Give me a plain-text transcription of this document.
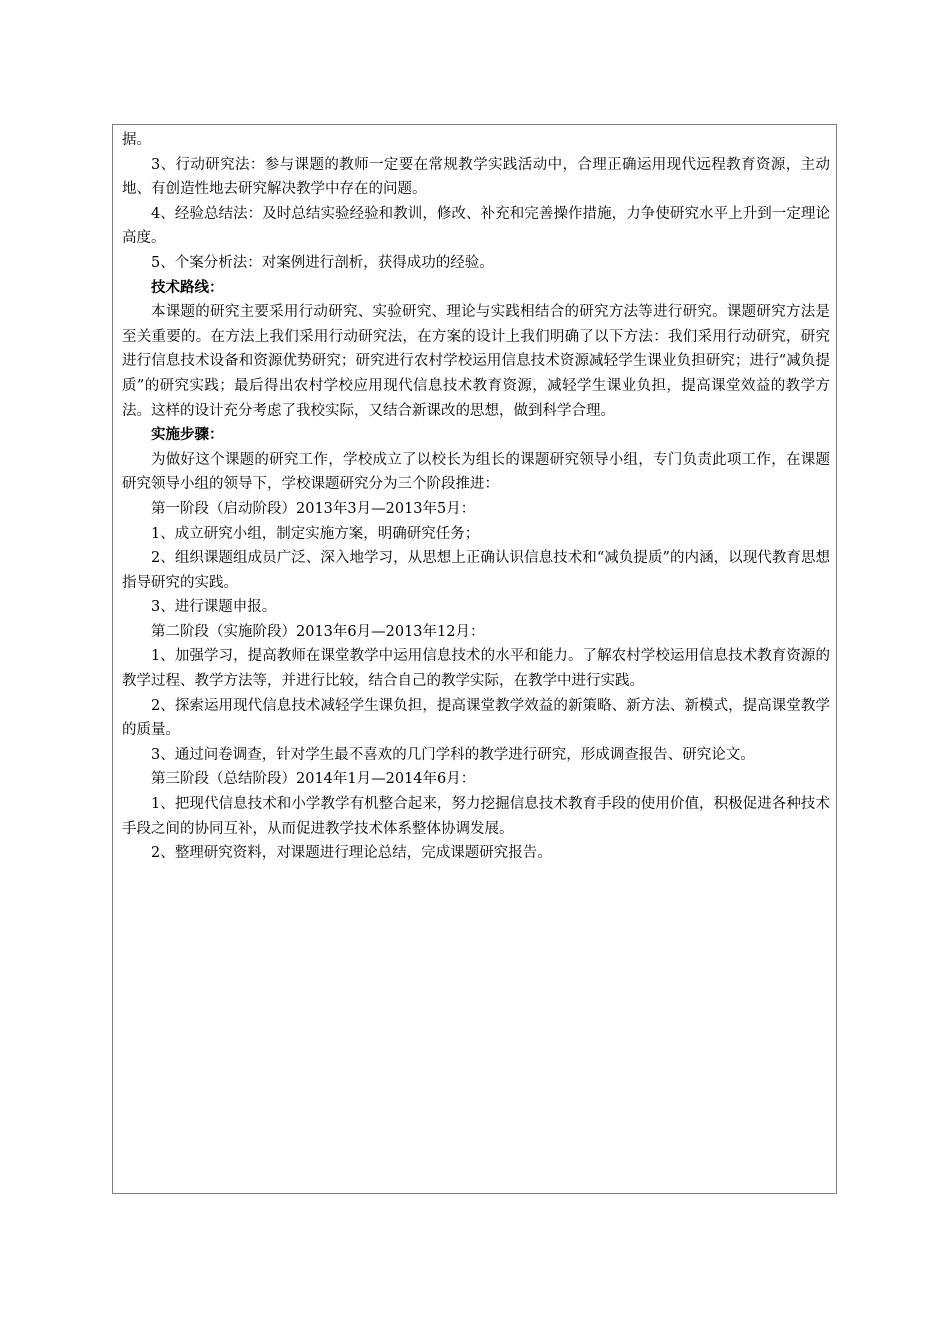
据。

3、行动研究法：参与课题的教师一定要在常规教学实践活动中，合理正确运用现代远程教育资源，主动地、有创造性地去研究解决教学中存在的问题。

4、经验总结法：及时总结实验经验和教训，修改、补充和完善操作措施，力争使研究水平上升到一定理论高度。

5、个案分析法：对案例进行剖析，获得成功的经验。

技术路线：

本课题的研究主要采用行动研究、实验研究、理论与实践相结合的研究方法等进行研究。课题研究方法是至关重要的。在方法上我们采用行动研究法，在方案的设计上我们明确了以下方法：我们采用行动研究，研究进行信息技术设备和资源优势研究；研究进行农村学校运用信息技术资源减轻学生课业负担研究；进行“减负提质”的研究实践；最后得出农村学校应用现代信息技术教育资源，减轻学生课业负担，提高课堂效益的教学方法。这样的设计充分考虑了我校实际，又结合新课改的思想，做到科学合理。

实施步骤：

为做好这个课题的研究工作，学校成立了以校长为组长的课题研究领导小组，专门负责此项工作，在课题研究领导小组的领导下，学校课题研究分为三个阶段推进：

第一阶段（启动阶段）2013年3月—2013年5月：

1、成立研究小组，制定实施方案，明确研究任务；

2、组织课题组成员广泛、深入地学习，从思想上正确认识信息技术和“减负提质”的内涵，以现代教育思想指导研究的实践。

3、进行课题申报。

第二阶段（实施阶段）2013年6月—2013年12月：

1、加强学习，提高教师在课堂教学中运用信息技术的水平和能力。了解农村学校运用信息技术教育资源的教学过程、教学方法等，并进行比较，结合自己的教学实际，在教学中进行实践。

2、探索运用现代信息技术减轻学生课负担，提高课堂教学效益的新策略、新方法、新模式，提高课堂教学的质量。

3、通过问卷调查，针对学生最不喜欢的几门学科的教学进行研究，形成调查报告、研究论文。

第三阶段（总结阶段）2014年1月—2014年6月：

1、把现代信息技术和小学教学有机整合起来，努力挖掘信息技术教育手段的使用价值，积极促进各种技术手段之间的协同互补，从而促进教学技术体系整体协调发展。

2、整理研究资料，对课题进行理论总结，完成课题研究报告。
